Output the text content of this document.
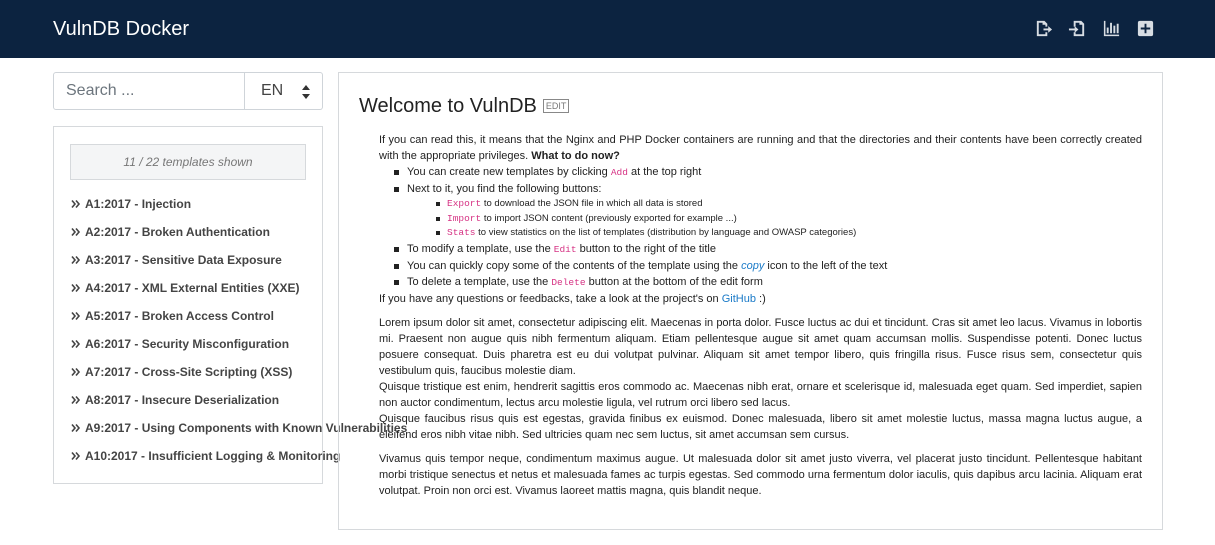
VulnDB Docker
Search ...
EN
11 / 22 templates shown
A1:2017 - Injection
A2:2017 - Broken Authentication
A3:2017 - Sensitive Data Exposure
A4:2017 - XML External Entities (XXE)
A5:2017 - Broken Access Control
A6:2017 - Security Misconfiguration
A7:2017 - Cross-Site Scripting (XSS)
A8:2017 - Insecure Deserialization
A9:2017 - Using Components with Known Vulnerabilities
A10:2017 - Insufficient Logging & Monitoring
Welcome to VulnDB	EDIT

If you can read this, it means that the Nginx and PHP Docker containers are running and that the directories and their contents have been correctly created with the appropriate privileges. What to do now?

You can create new templates by clicking Add at the top right
Next to it, you find the following buttons:
Export to download the JSON file in which all data is stored
Import to import JSON content (previously exported for example ...)
Stats to view statistics on the list of templates (distribution by language and OWASP categories)
To modify a template, use the Edit button to the right of the title
You can quickly copy some of the contents of the template using the copy icon to the left of the text
To delete a template, use the Delete button at the bottom of the edit form

If you have any questions or feedbacks, take a look at the project's on GitHub :)

Lorem ipsum dolor sit amet, consectetur adipiscing elit. Maecenas in porta dolor. Fusce luctus ac dui et tincidunt. Cras sit amet leo lacus. Vivamus in lobortis mi. Praesent non augue quis nibh fermentum aliquam. Etiam pellentesque augue sit amet quam accumsan mollis. Suspendisse potenti. Donec luctus posuere consequat. Duis pharetra est eu dui volutpat pulvinar. Aliquam sit amet tempor libero, quis fringilla risus. Fusce risus sem, consectetur quis vestibulum quis, faucibus molestie diam.

Quisque tristique est enim, hendrerit sagittis eros commodo ac. Maecenas nibh erat, ornare et scelerisque id, malesuada eget quam. Sed imperdiet, sapien non auctor condimentum, lectus arcu molestie ligula, vel rutrum orci libero sed lacus.

Quisque faucibus risus quis est egestas, gravida finibus ex euismod. Donec malesuada, libero sit amet molestie luctus, massa magna luctus augue, a eleifend eros nibh vitae nibh. Sed ultricies quam nec sem luctus, sit amet accumsan sem cursus.

Vivamus quis tempor neque, condimentum maximus augue. Ut malesuada dolor sit amet justo viverra, vel placerat justo tincidunt. Pellentesque habitant morbi tristique senectus et netus et malesuada fames ac turpis egestas. Sed commodo urna fermentum dolor iaculis, quis dapibus arcu lacinia. Aliquam erat volutpat. Proin non orci est. Vivamus laoreet mattis magna, quis blandit neque.
